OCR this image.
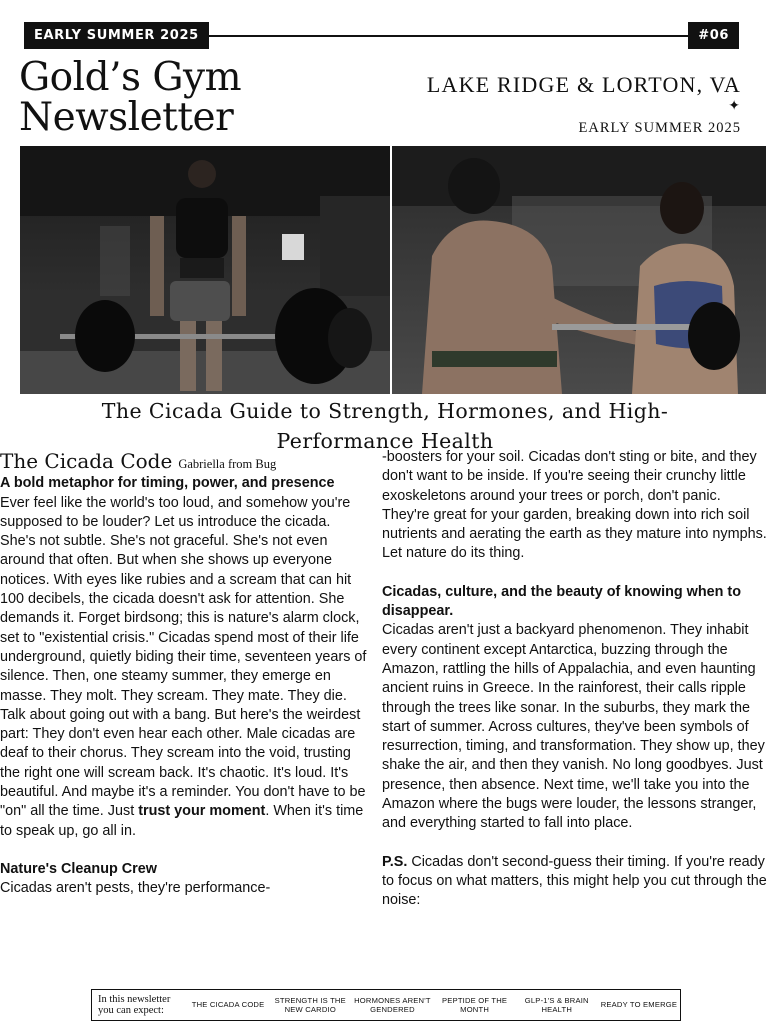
EARLY SUMMER 2025	#06
Gold’s Gym
Newsletter
LAKE RIDGE & LORTON, VA
✦
EARLY SUMMER 2025
The Cicada Guide to Strength, Hormones, and High-
Performance Health
The Cicada Code Gabriella from Bug
A bold metaphor for timing, power, and presence
Ever feel like the world's too loud, and somehow you're supposed to be louder? Let us introduce the cicada. She's not subtle. She's not graceful. She's not even around that often. But when she shows up everyone notices. With eyes like rubies and a scream that can hit 100 decibels, the cicada doesn't ask for attention. She demands it. Forget birdsong; this is nature's alarm clock, set to "existential crisis." Cicadas spend most of their life underground, quietly biding their time, seventeen years of silence. Then, one steamy summer, they emerge en masse. They molt. They scream. They mate. They die. Talk about going out with a bang. But here's the weirdest part: They don't even hear each other. Male cicadas are deaf to their chorus. They scream into the void, trusting the right one will scream back. It's chaotic. It's loud. It's beautiful. And maybe it's a reminder. You don't have to be "on" all the time. Just trust your moment. When it's time to speak up, go all in.
Nature's Cleanup Crew
Cicadas aren't pests, they're performance-
-boosters for your soil. Cicadas don't sting or bite, and they don't want to be inside. If you're seeing their crunchy little exoskeletons around your trees or porch, don't panic. They're great for your garden, breaking down into rich soil nutrients and aerating the earth as they mature into nymphs. Let nature do its thing.
Cicadas, culture, and the beauty of knowing when to disappear.
Cicadas aren't just a backyard phenomenon. They inhabit every continent except Antarctica, buzzing through the Amazon, rattling the hills of Appalachia, and even haunting ancient ruins in Greece. In the rainforest, their calls ripple through the trees like sonar. In the suburbs, they mark the start of summer. Across cultures, they've been symbols of resurrection, timing, and transformation. They show up, they shake the air, and then they vanish. No long goodbyes. Just presence, then absence. Next time, we'll take you into the Amazon where the bugs were louder, the lessons stranger, and everything started to fall into place.
P.S. Cicadas don't second-guess their timing. If you're ready to focus on what matters, this might help you cut through the noise:
In this newsletter you can expect:
THE CICADA CODE
STRENGTH IS THE NEW CARDIO
HORMONES AREN'T GENDERED
PEPTIDE OF THE MONTH
GLP-1'S & BRAIN HEALTH
READY TO EMERGE
